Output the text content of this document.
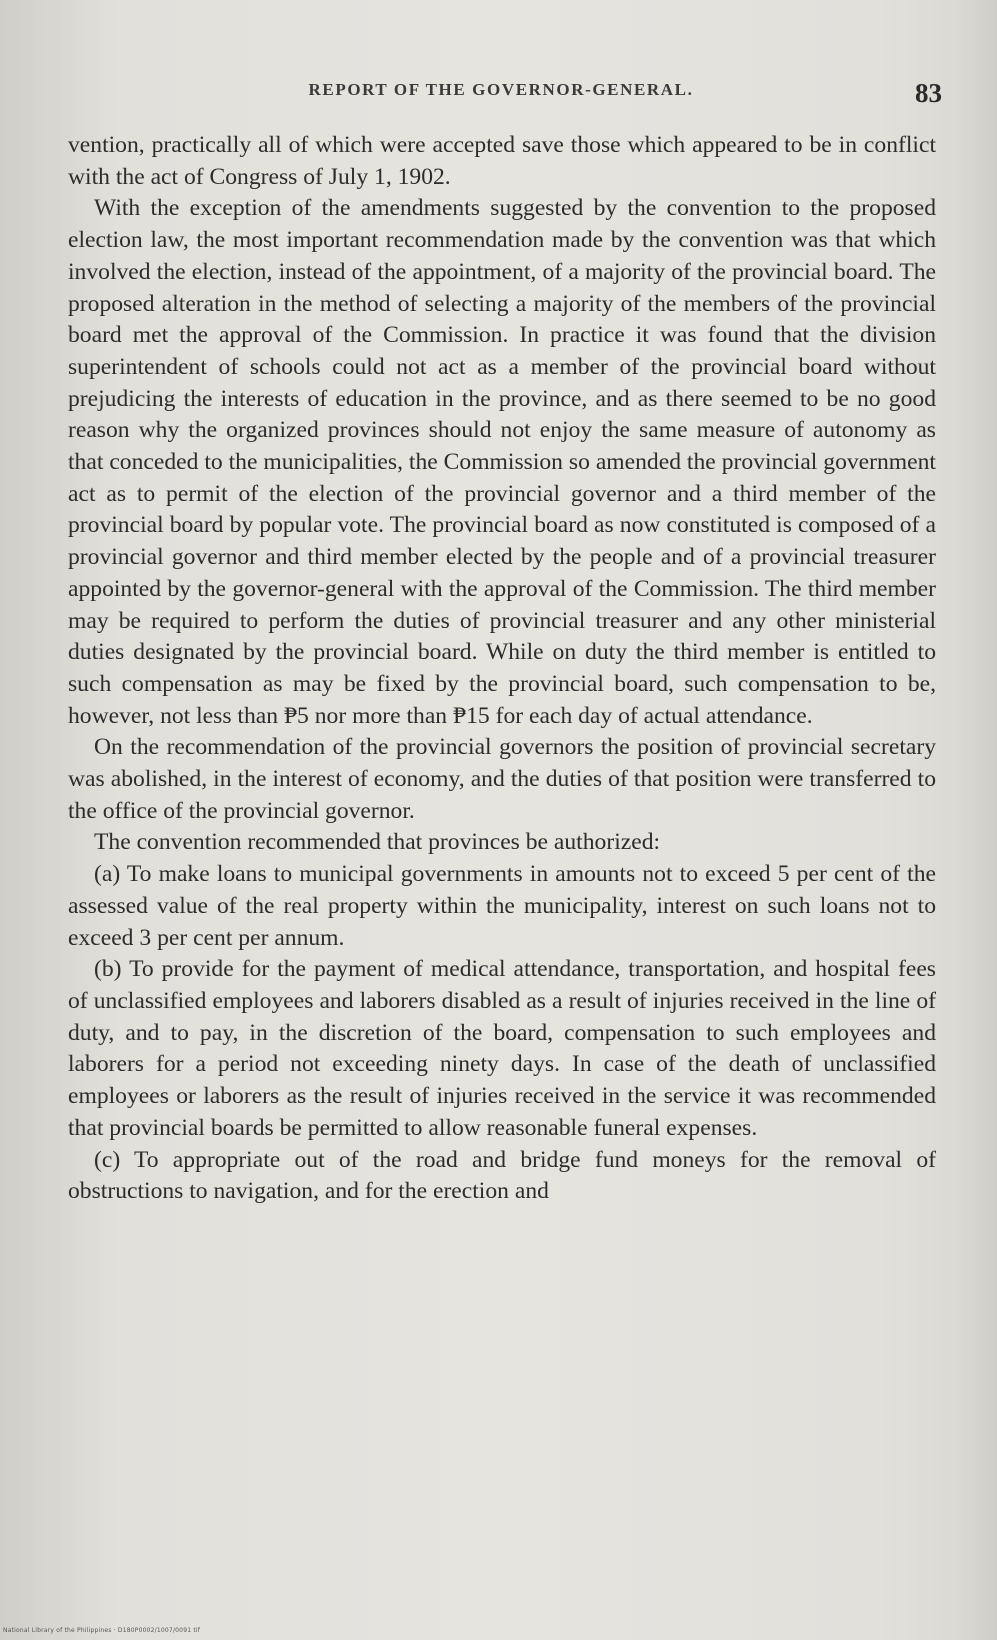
REPORT OF THE GOVERNOR-GENERAL.	83

vention, practically all of which were accepted save those which appeared to be in conflict with the act of Congress of July 1, 1902.

With the exception of the amendments suggested by the convention to the proposed election law, the most important recommendation made by the convention was that which involved the election, instead of the appointment, of a majority of the provincial board. The proposed alteration in the method of selecting a majority of the members of the provincial board met the approval of the Commission. In practice it was found that the division superintendent of schools could not act as a member of the provincial board without prejudicing the interests of education in the province, and as there seemed to be no good reason why the organized provinces should not enjoy the same measure of autonomy as that conceded to the municipalities, the Commission so amended the provincial government act as to permit of the election of the provincial governor and a third member of the provincial board by popular vote. The provincial board as now constituted is composed of a provincial governor and third member elected by the people and of a provincial treasurer appointed by the governor-general with the approval of the Commission. The third member may be required to perform the duties of provincial treasurer and any other ministerial duties designated by the provincial board. While on duty the third member is entitled to such compensation as may be fixed by the provincial board, such compensation to be, however, not less than ₱5 nor more than ₱15 for each day of actual attendance.

On the recommendation of the provincial governors the position of provincial secretary was abolished, in the interest of economy, and the duties of that position were transferred to the office of the provincial governor.

The convention recommended that provinces be authorized:

(a) To make loans to municipal governments in amounts not to exceed 5 per cent of the assessed value of the real property within the municipality, interest on such loans not to exceed 3 per cent per annum.

(b) To provide for the payment of medical attendance, transportation, and hospital fees of unclassified employees and laborers disabled as a result of injuries received in the line of duty, and to pay, in the discretion of the board, compensation to such employees and laborers for a period not exceeding ninety days. In case of the death of unclassified employees or laborers as the result of injuries received in the service it was recommended that provincial boards be permitted to allow reasonable funeral expenses.

(c) To appropriate out of the road and bridge fund moneys for the removal of obstructions to navigation, and for the erection and

National Library of the Philippines · D180P0002/1007/0091 tif
